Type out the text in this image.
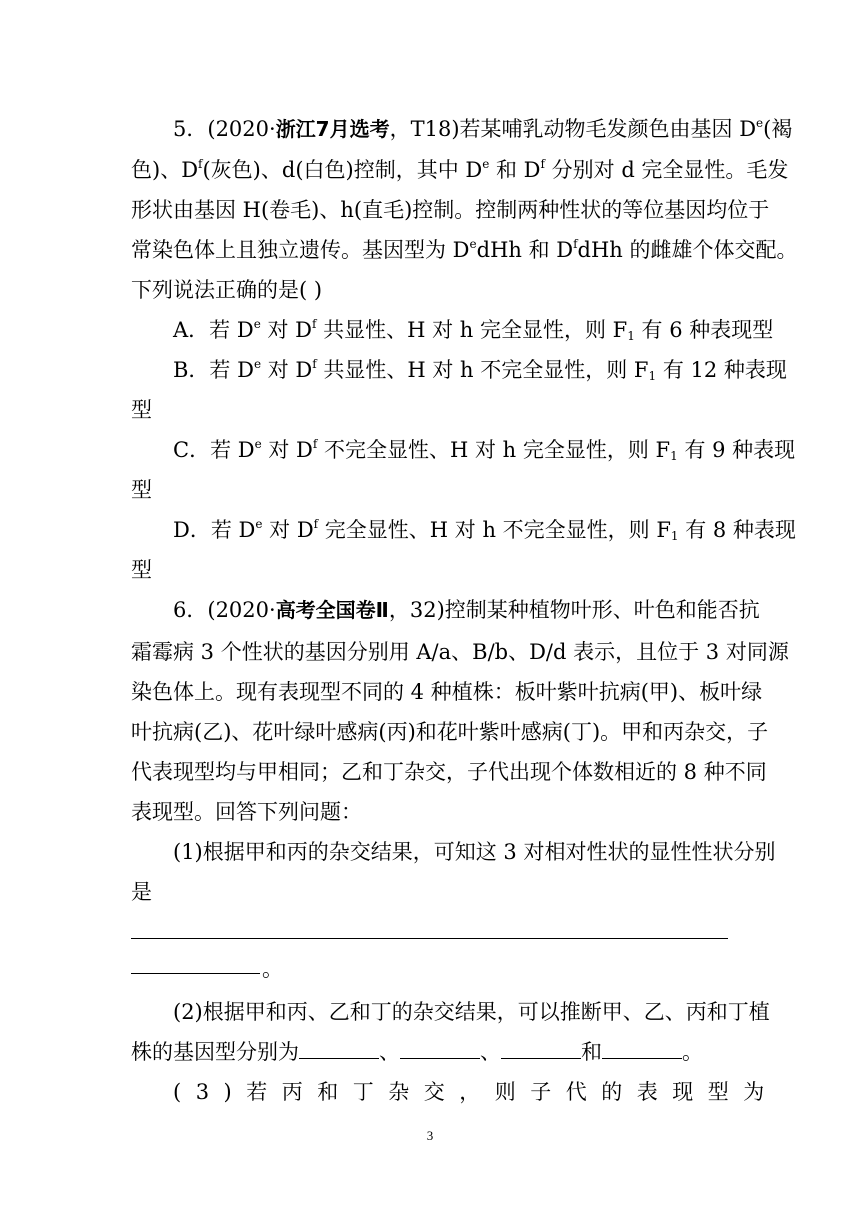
5．(2020·浙江7月选考，T18)若某哺乳动物毛发颜色由基因 De(褐
色)、$D^f$(灰色)、d(白色)控制，其中 De 和 $D^f$ 分别对 d 完全显性。毛发
形状由基因 H(卷毛)、h(直毛)控制。控制两种性状的等位基因均位于
常染色体上且独立遗传。基因型为 DedHh 和 $D^fdHh$ 的雌雄个体交配。
下列说法正确的是( )
A．若 De 对 $D^f$ 共显性、H 对 h 完全显性，则 $F_1$ 有 6 种表现型
B．若 De 对 $D^f$ 共显性、H 对 h 不完全显性，则 $F_1$ 有 12 种表现
型
C．若 De 对 $D^f$ 不完全显性、H 对 h 完全显性，则 $F_1$ 有 9 种表现
型
D．若 De 对 $D^f$ 完全显性、H 对 h 不完全显性，则 $F_1$ 有 8 种表现
型
6．(2020·高考全国卷Ⅱ，32)控制某种植物叶形、叶色和能否抗
霜霉病 3 个性状的基因分别用 A/a、B/b、D/d 表示，且位于 3 对同源
染色体上。现有表现型不同的 4 种植株：板叶紫叶抗病(甲)、板叶绿
叶抗病(乙)、花叶绿叶感病(丙)和花叶紫叶感病(丁)。甲和丙杂交，子
代表现型均与甲相同；乙和丁杂交，子代出现个体数相近的 8 种不同
表现型。回答下列问题：
(1)根据甲和丙的杂交结果，可知这 3 对相对性状的显性性状分别
是
。
(2)根据甲和丙、乙和丁的杂交结果，可以推断甲、乙、丙和丁植
株的基因型分别为	、	、	和	。
(3)若丙和丁杂交，则子代的表现型为
3
